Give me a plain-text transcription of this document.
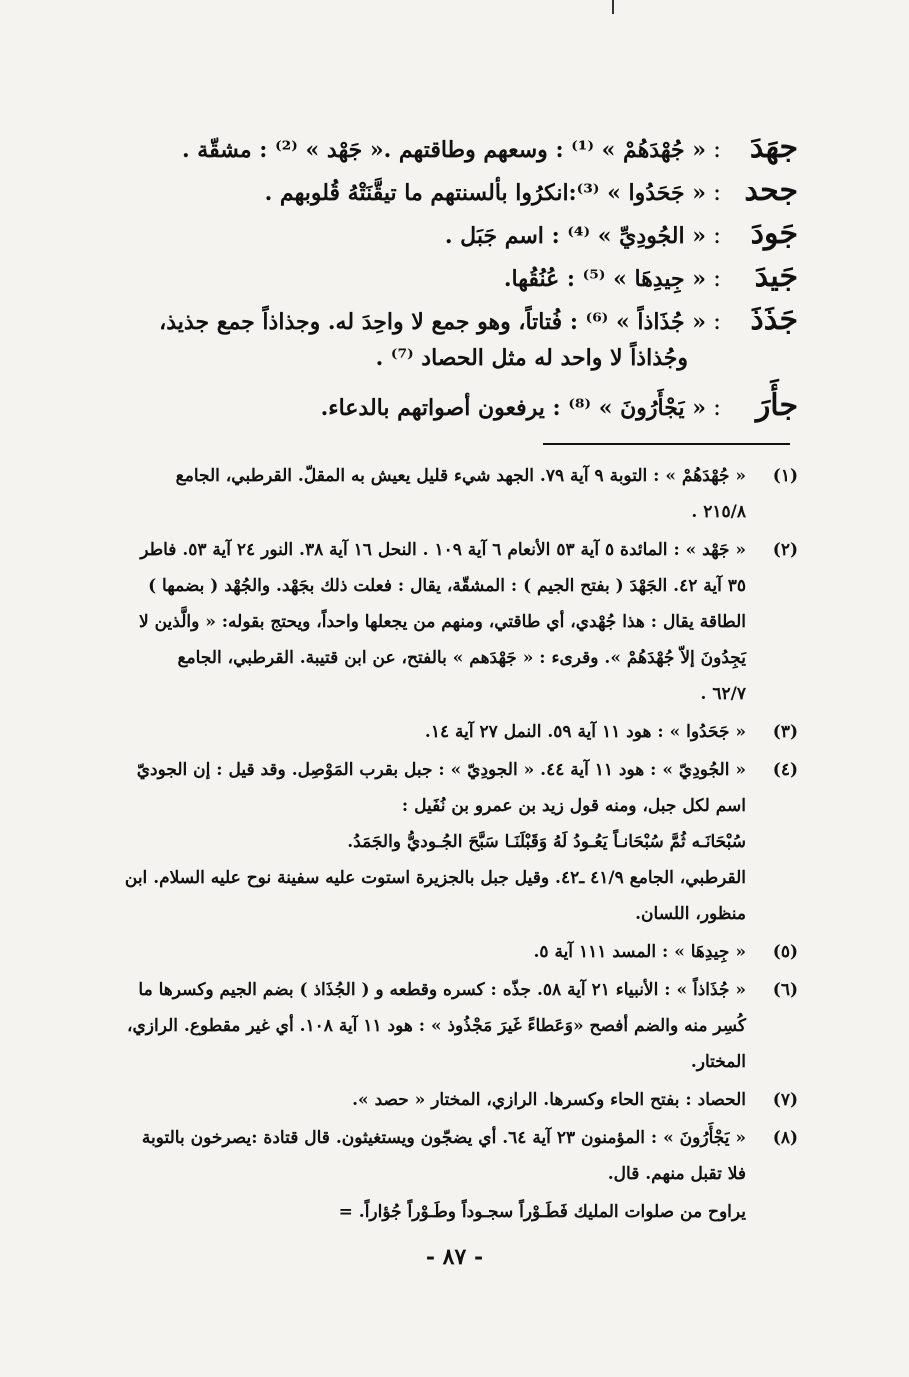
جهَدَ
:
« جُهْدَهُمْ » ⁽¹⁾ : وسعهم وطاقتهم .« جَهْد » ⁽²⁾ : مشقّة .
جحد
:
« جَحَدُوا » ⁽³⁾:انكرُوا بألسنتهم ما تيقَّنَتْهُ قُلوبهم .
جَودَ
:
« الجُودِيِّ » ⁽⁴⁾ : اسم جَبَل .
جَيدَ
:
« جِيدِهَا » ⁽⁵⁾ : عُنُقُها.
جَذَذَ
:
« جُذَاذاً » ⁽⁶⁾ : فُتاتاً، وهو جمع لا واحِدَ له. وجذاذاً جمع جذيذ،
وجُذاذاً لا واحد له مثل الحصاد ⁽⁷⁾ .
جأَرَ
:
« يَجْأَرُونَ » ⁽⁸⁾ : يرفعون أصواتهم بالدعاء.
(١)
« جُهْدَهُمْ » : التوبة ٩ آية ٧٩. الجهد شيء قليل يعيش به المقلّ. القرطبي، الجامع
٢١٥/٨ .
(٢)
« جَهْد » : المائدة ٥ آية ٥٣ الأنعام ٦ آية ١٠٩ . النحل ١٦ آية ٣٨. النور ٢٤ آية ٥٣. فاطر
٣٥ آية ٤٢. الجَهْدَ ( بفتح الجيم ) : المشقّة، يقال : فعلت ذلك بجَهْد. والجُهْد ( بضمها )
الطاقة يقال : هذا جُهْدي، أي طاقتي، ومنهم من يجعلها واحداً، ويحتج بقوله: « والَّذين لا
يَجِدُونَ إلاّ جُهْدَهُمْ ». وقرىء : « جَهْدَهم » بالفتح، عن ابن قتيبة. القرطبي، الجامع
٦٢/٧ .
(٣)
« جَحَدُوا » : هود ١١ آية ٥٩. النمل ٢٧ آية ١٤.
(٤)
« الجُودِيّ » : هود ١١ آية ٤٤. « الجودِيّ » : جبل بقرب المَوْصِل. وقد قيل : إن الجوديّ
اسم لكل جبل، ومنه قول زيد بن عمرو بن نُفَيل :
سُبْحَانَـه ثُمَّ سُبْحَانـاً يَعُـودُ لَهُ وَقَبْلَنَـا سَبَّحَ الجُـوديُّ والجَمَدُ.
القرطبي، الجامع ٤١/٩ ـ٤٢. وقيل جبل بالجزيرة استوت عليه سفينة نوح عليه السلام. ابن
منظور، اللسان.
(٥)
« جِيدِهَا » : المسد ١١١ آية ٥.
(٦)
« جُذَاذاً » : الأنبياء ٢١ آية ٥٨. جذّه : كسره وقطعه و ( الجُذَاذ ) بضم الجيم وكسرها ما
كُسِر منه والضم أفصح «وَعَطاءً غَيرَ مَجْذُوذ » : هود ١١ آية ١٠٨. أي غير مقطوع. الرازي،
المختار.
(٧)
الحصاد : بفتح الحاء وكسرها. الرازي، المختار « حصد ».
(٨)
« يَجْأَرُونَ » : المؤمنون ٢٣ آية ٦٤. أي يضجّون ويستغيثون. قال قتادة :يصرخون بالتوبة
فلا تقبل منهم. قال.
يراوح من صلوات المليك فَطَـوْراً سجـوداً وطَـوْراً جُؤاراً. =
- ٨٧ -
